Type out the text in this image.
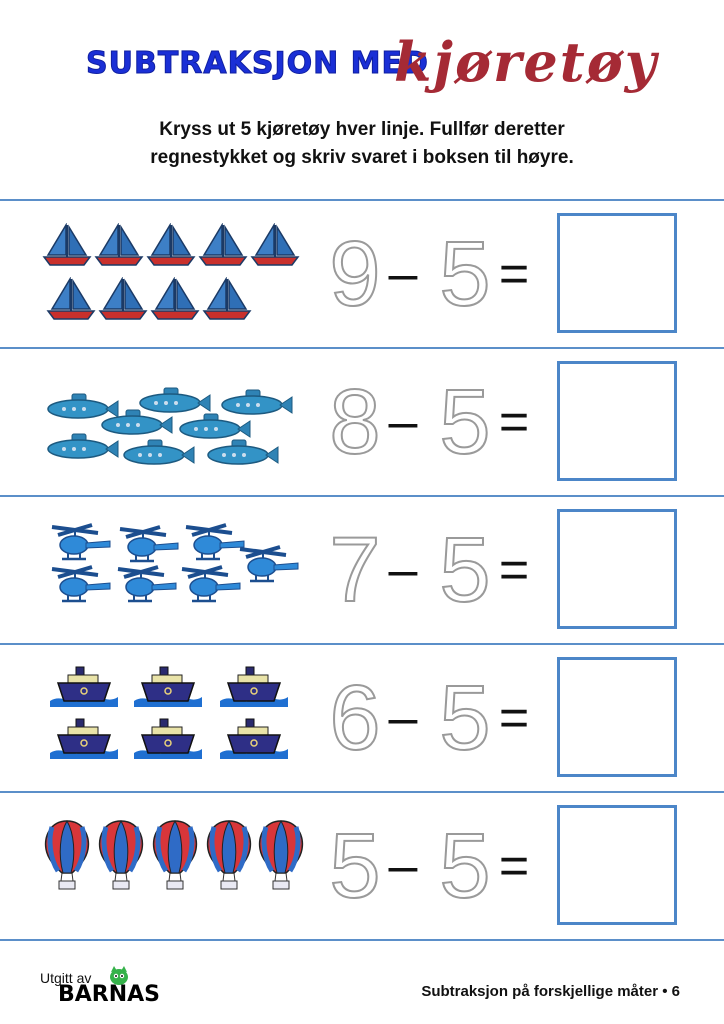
SUBTRAKSJON MED
kjøretøy
Kryss ut 5 kjøretøy hver linje. Fullfør deretter
regnestykket og skriv svaret i boksen til høyre.
9 – 5 =
8 – 5 =
7 – 5 =
6 – 5 =
5 – 5 =
Utgitt av
BARNAS	Subtraksjon på forskjellige måter • 6
